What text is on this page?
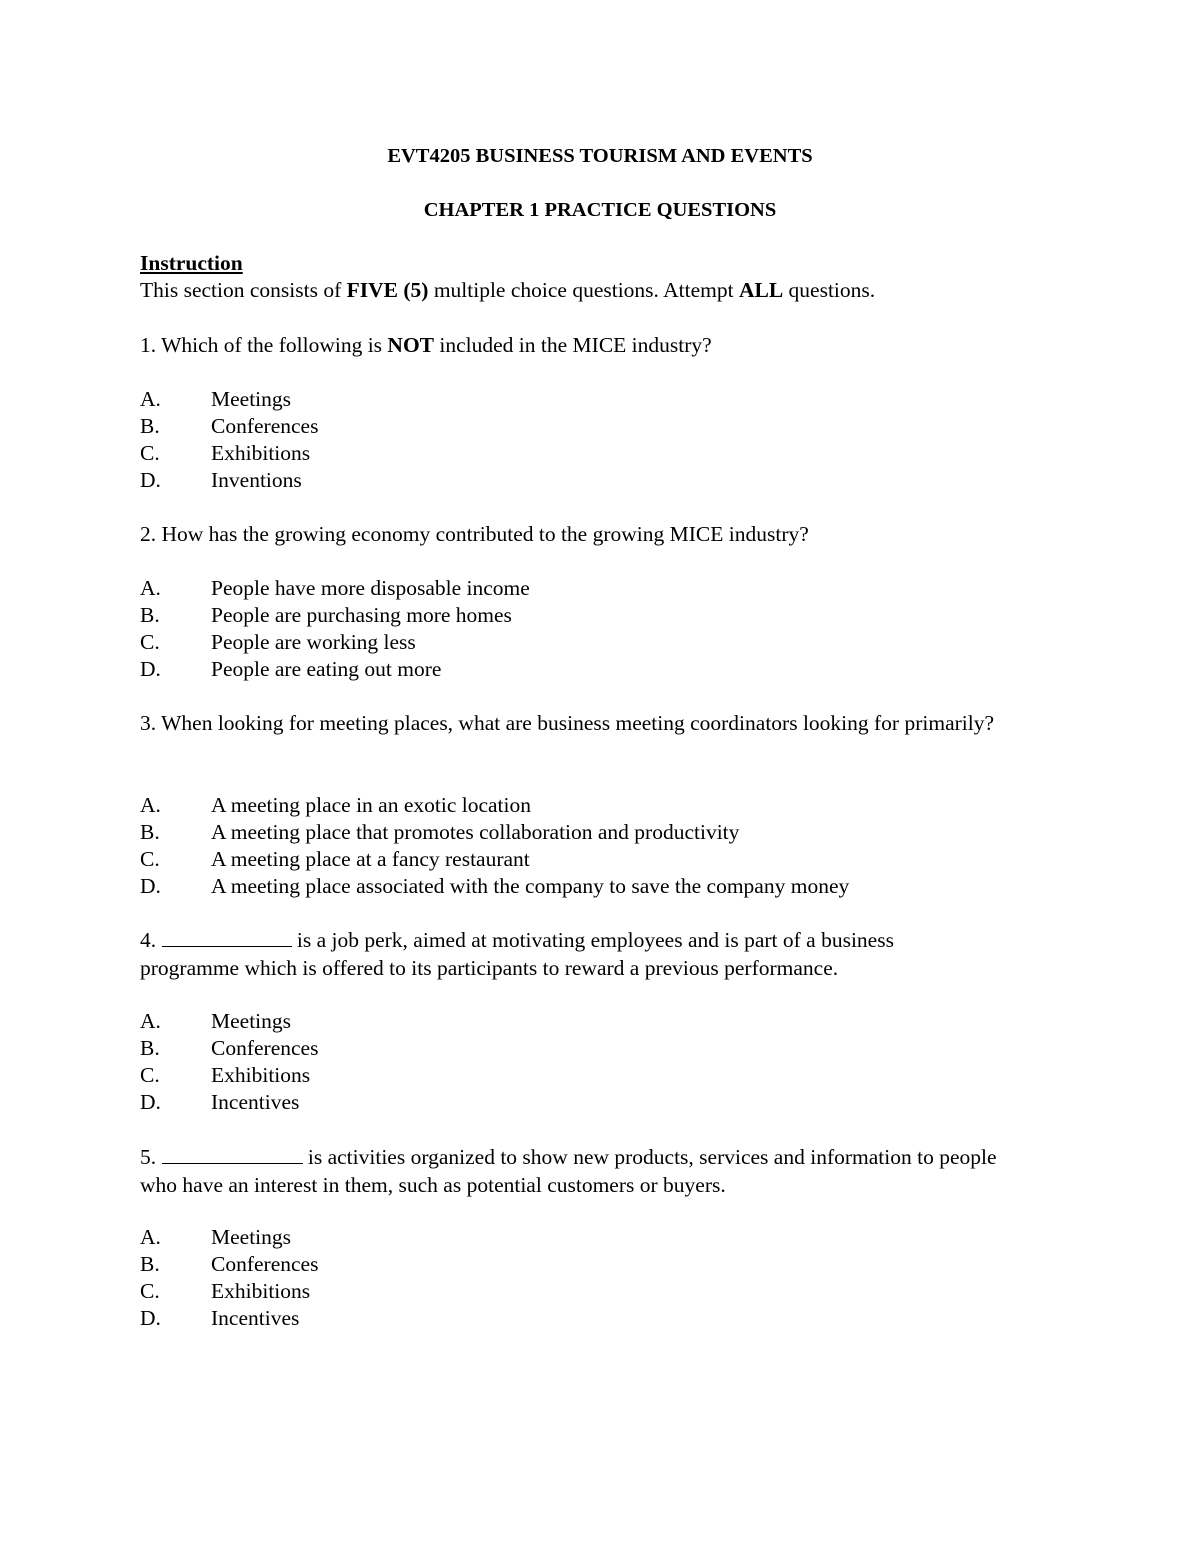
EVT4205 BUSINESS TOURISM AND EVENTS
CHAPTER 1 PRACTICE QUESTIONS
Instruction
This section consists of FIVE (5) multiple choice questions. Attempt ALL questions.
1. Which of the following is NOT included in the MICE industry?
A. Meetings
B. Conferences
C. Exhibitions
D. Inventions
2. How has the growing economy contributed to the growing MICE industry?
A. People have more disposable income
B. People are purchasing more homes
C. People are working less
D. People are eating out more
3. When looking for meeting places, what are business meeting coordinators looking for primarily?
A. A meeting place in an exotic location
B. A meeting place that promotes collaboration and productivity
C. A meeting place at a fancy restaurant
D. A meeting place associated with the company to save the company money
4.	is a job perk, aimed at motivating employees and is part of a business programme which is offered to its participants to reward a previous performance.
A. Meetings
B. Conferences
C. Exhibitions
D. Incentives
5.	is activities organized to show new products, services and information to people who have an interest in them, such as potential customers or buyers.
A. Meetings
B. Conferences
C. Exhibitions
D. Incentives
